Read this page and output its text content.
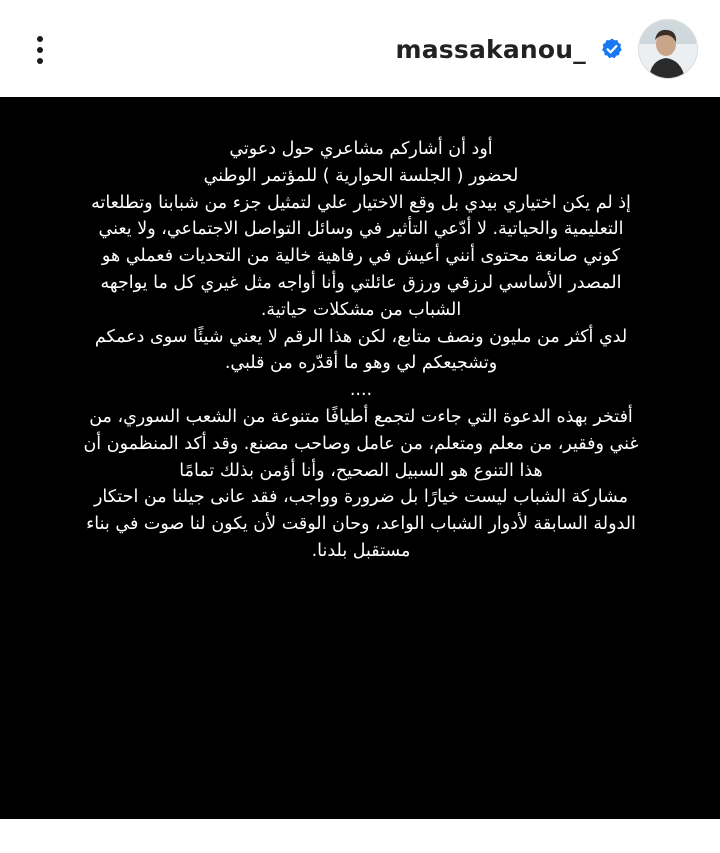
massakanou_
أود أن أشاركم مشاعري حول دعوتي
لحضور ( الجلسة الحوارية ) للمؤتمر الوطني
إذ لم يكن اختياري بيدي بل وقع الاختيار علي لتمثيل جزء من شبابنا وتطلعاته
التعليمية والحياتية. لا أدّعي التأثير في وسائل التواصل الاجتماعي، ولا يعني
كوني صانعة محتوى أنني أعيش في رفاهية خالية من التحديات فعملي هو
المصدر الأساسي لرزقي ورزق عائلتي وأنا أواجه مثل غيري كل ما يواجهه
الشباب من مشكلات حياتية.
لدي أكثر من مليون ونصف متابع، لكن هذا الرقم لا يعني شيئًا سوى دعمكم
وتشجيعكم لي وهو ما أقدّره من قلبي.
....
أفتخر بهذه الدعوة التي جاءت لتجمع أطيافًا متنوعة من الشعب السوري، من
غني وفقير، من معلم ومتعلم، من عامل وصاحب مصنع. وقد أكد المنظمون أن
هذا التنوع هو السبيل الصحيح، وأنا أؤمن بذلك تمامًا
مشاركة الشباب ليست خيارًا بل ضرورة وواجب، فقد عانى جيلنا من احتكار
الدولة السابقة لأدوار الشباب الواعد، وحان الوقت لأن يكون لنا صوت في بناء
مستقبل بلدنا.
